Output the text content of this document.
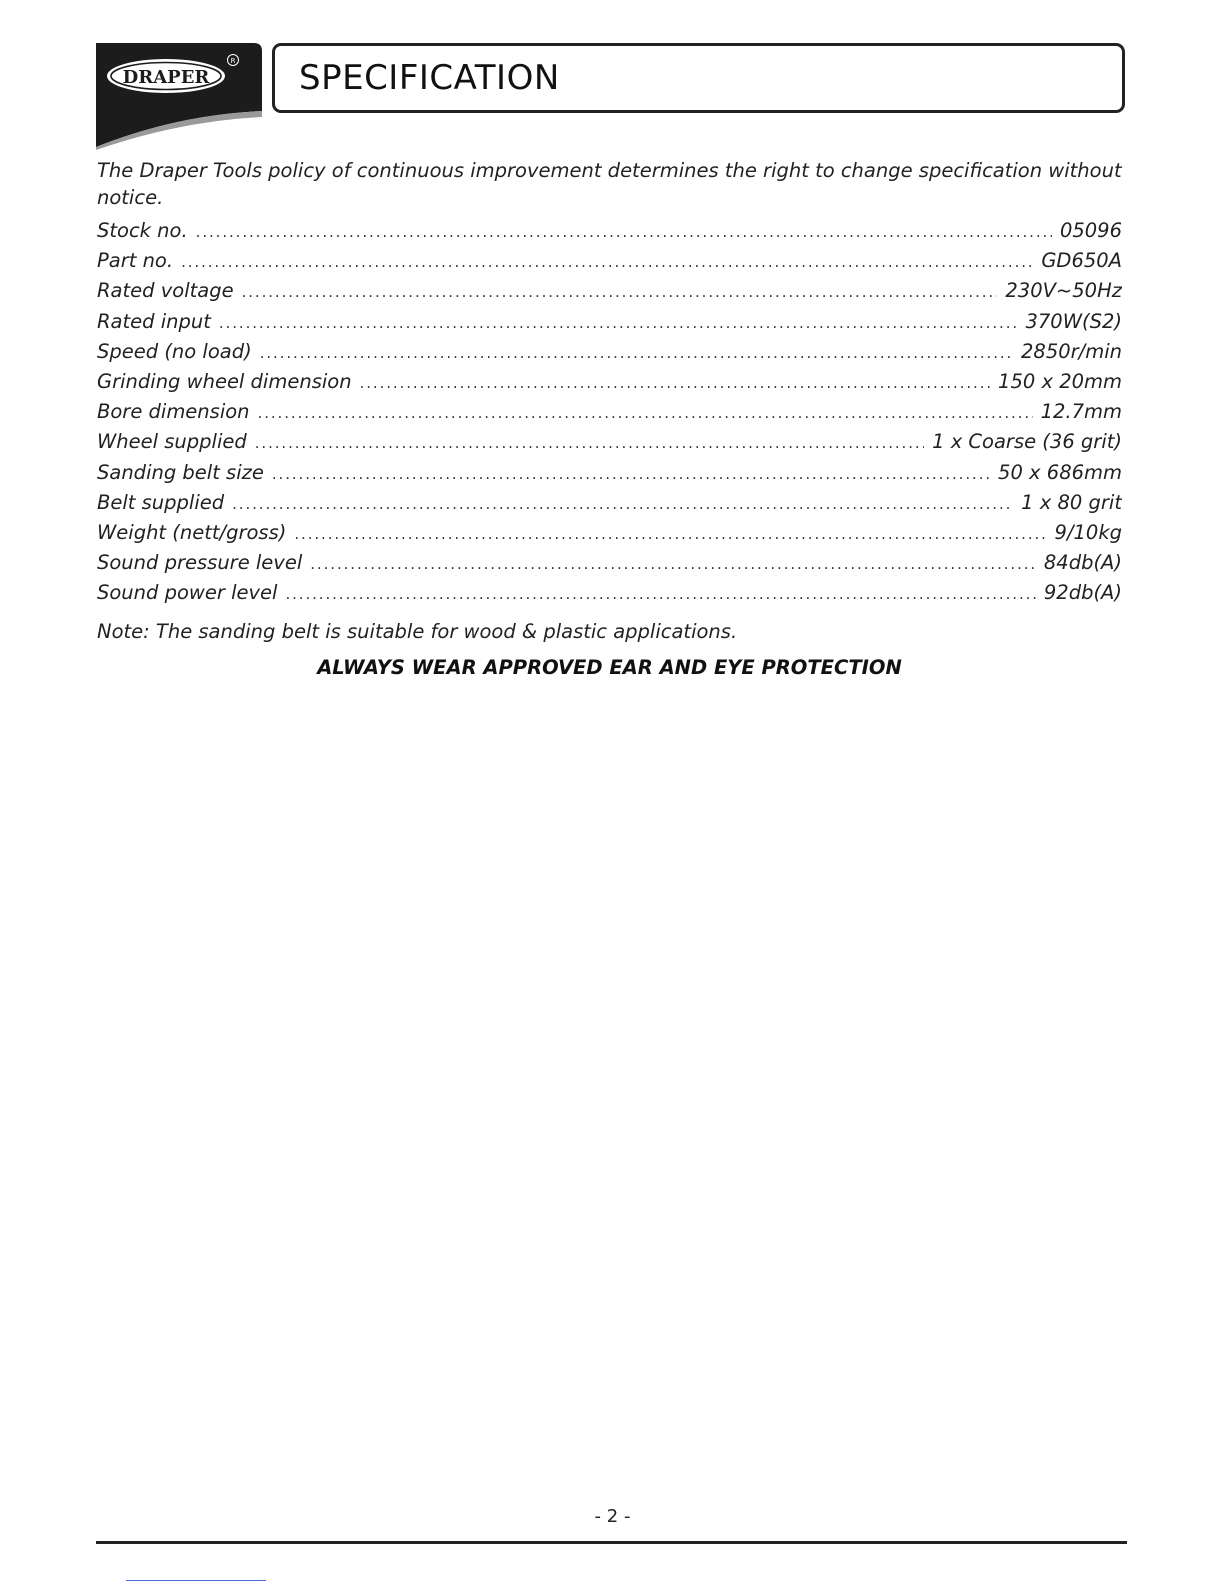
DRAPER
R SPECIFICATION
The Draper Tools policy of continuous improvement determines the right to change specification without notice.
Stock no. .....	05096
Part no. .....	GD650A
Rated voltage .....	230V~50Hz
Rated input .....	370W(S2)
Speed (no load) .....	2850r/min
Grinding wheel dimension .....	150 x 20mm
Bore dimension .....	12.7mm
Wheel supplied .....	1 x Coarse (36 grit)
Sanding belt size .....	50 x 686mm
Belt supplied .....	1 x 80 grit
Weight (nett/gross) .....	9/10kg
Sound pressure level .....	84db(A)
Sound power level .....	92db(A)
Note: The sanding belt is suitable for wood & plastic applications.
ALWAYS WEAR APPROVED EAR AND EYE PROTECTION
- 2 -
